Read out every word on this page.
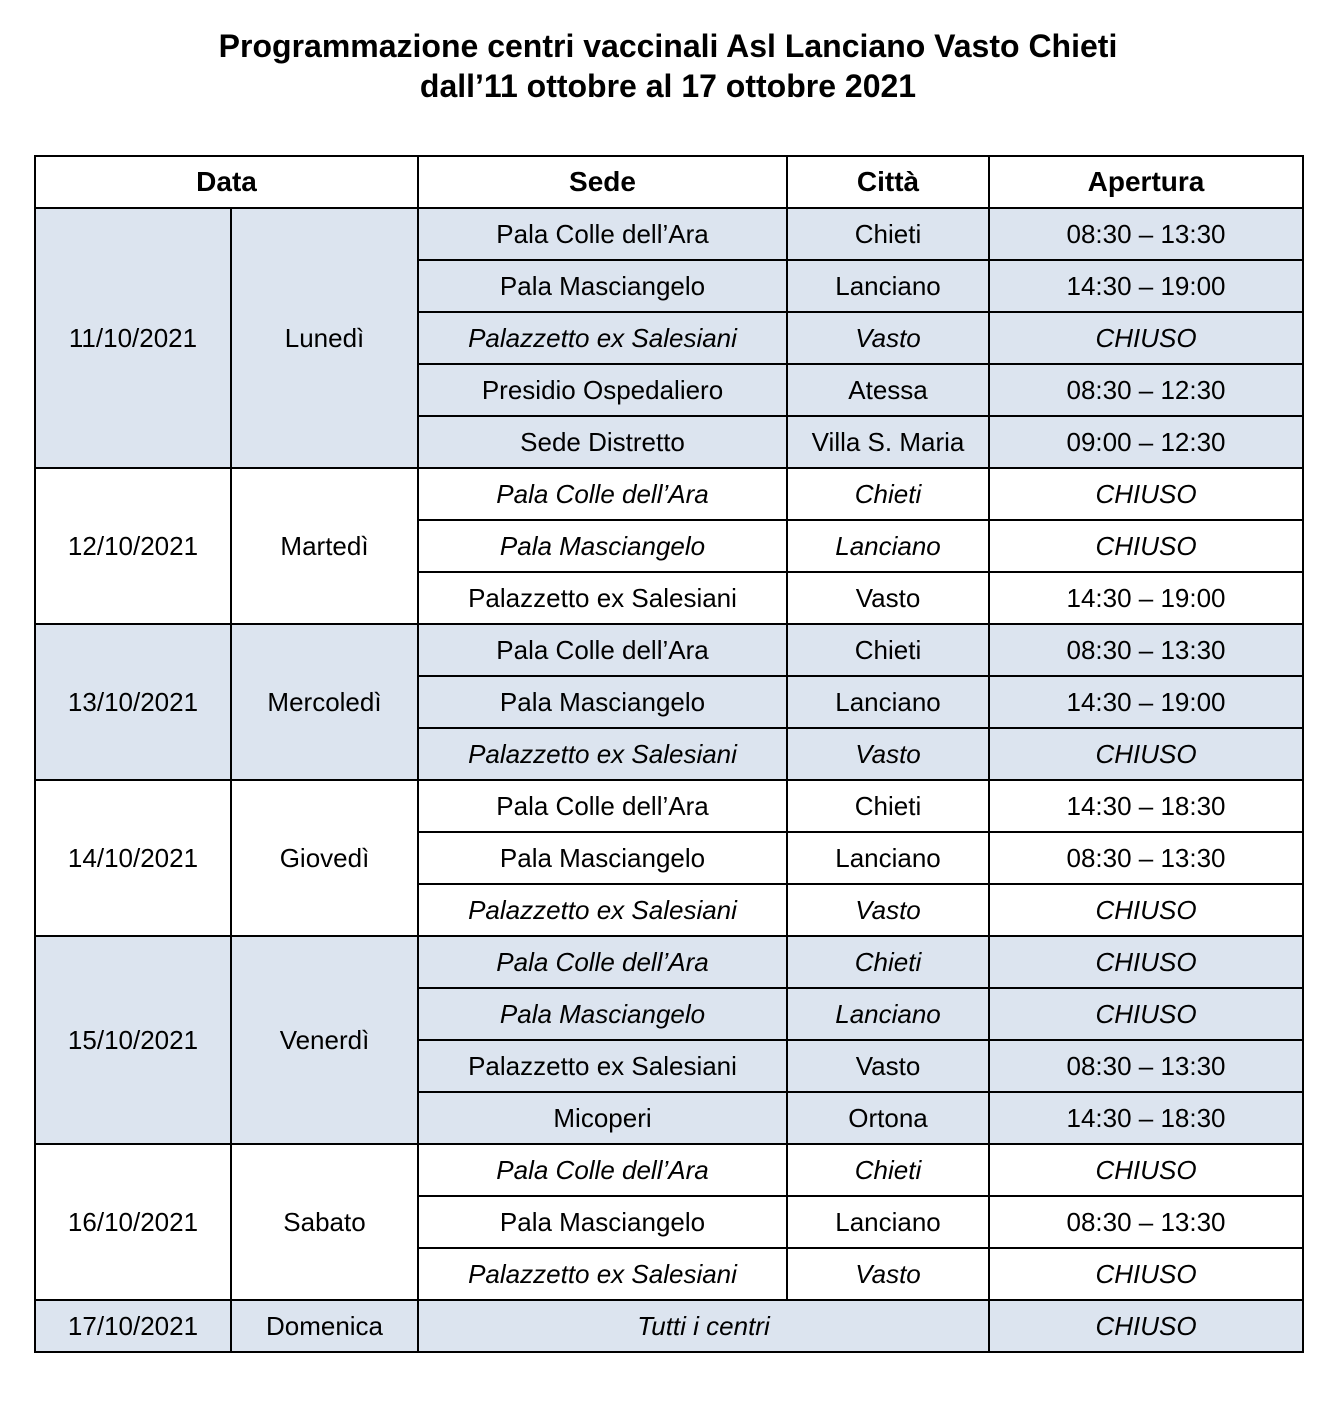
Programmazione centri vaccinali Asl Lanciano Vasto Chieti
dall’11 ottobre al 17 ottobre 2021
Data		Sede	Città	Apertura
11/10/2021	Lunedì	Pala Colle dell’Ara	Chieti	08:30 – 13:30
		Pala Masciangelo	Lanciano	14:30 – 19:00
		Palazzetto ex Salesiani	Vasto	CHIUSO
		Presidio Ospedaliero	Atessa	08:30 – 12:30
		Sede Distretto	Villa S. Maria	09:00 – 12:30
12/10/2021	Martedì	Pala Colle dell’Ara	Chieti	CHIUSO
		Pala Masciangelo	Lanciano	CHIUSO
		Palazzetto ex Salesiani	Vasto	14:30 – 19:00
13/10/2021	Mercoledì	Pala Colle dell’Ara	Chieti	08:30 – 13:30
		Pala Masciangelo	Lanciano	14:30 – 19:00
		Palazzetto ex Salesiani	Vasto	CHIUSO
14/10/2021	Giovedì	Pala Colle dell’Ara	Chieti	14:30 – 18:30
		Pala Masciangelo	Lanciano	08:30 – 13:30
		Palazzetto ex Salesiani	Vasto	CHIUSO
15/10/2021	Venerdì	Pala Colle dell’Ara	Chieti	CHIUSO
		Pala Masciangelo	Lanciano	CHIUSO
		Palazzetto ex Salesiani	Vasto	08:30 – 13:30
		Micoperi	Ortona	14:30 – 18:30
16/10/2021	Sabato	Pala Colle dell’Ara	Chieti	CHIUSO
		Pala Masciangelo	Lanciano	08:30 – 13:30
		Palazzetto ex Salesiani	Vasto	CHIUSO
17/10/2021	Domenica	Tutti i centri		CHIUSO
